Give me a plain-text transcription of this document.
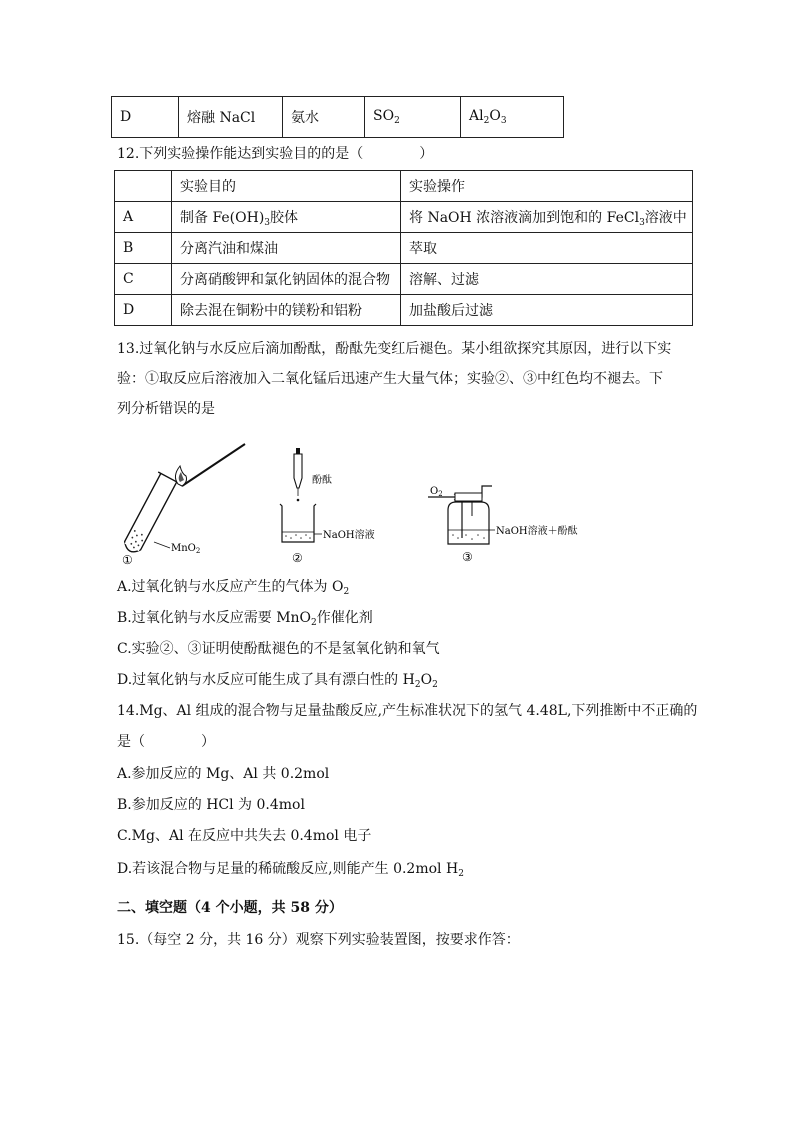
D	熔融 NaCl	氨水	$SO_2$	$Al_2O_3$
12.下列实验操作能达到实验目的的是（　　　　）
	实验目的	实验操作
A	制备 $Fe(OH)_3$胶体	将 NaOH 浓溶液滴加到饱和的 FeCl$_3$溶液中
B	分离汽油和煤油	萃取
C	分离硝酸钾和氯化钠固体的混合物	溶解、过滤
D	除去混在铜粉中的镁粉和铝粉	加盐酸后过滤
13.过氧化钠与水反应后滴加酚酞，酚酞先变红后褪色。某小组欲探究其原因，进行以下实
验：①取反应后溶液加入二氧化锰后迅速产生大量气体；实验②、③中红色均不褪去。下
列分析错误的是
MnO$_2$
①
酚酞
NaOH溶液
②
$O_2$
NaOH溶液＋酚酞
③
A.过氧化钠与水反应产生的气体为 $O_2$
B.过氧化钠与水反应需要 MnO$_2$作催化剂
C.实验②、③证明使酚酞褪色的不是氢氧化钠和氧气
D.过氧化钠与水反应可能生成了具有漂白性的 $H_2O_2$
14.Mg、Al 组成的混合物与足量盐酸反应,产生标准状况下的氢气 4.48L,下列推断中不正确的
是（　　　　）
A.参加反应的 Mg、Al 共 0.2mol
B.参加反应的 HCl 为 0.4mol
C.Mg、Al 在反应中共失去 0.4mol 电子
D.若该混合物与足量的稀硫酸反应,则能产生 0.2mol $H_2$
二、填空题（4 个小题，共 58 分）
15.（每空 2 分，共 16 分）观察下列实验装置图，按要求作答：
